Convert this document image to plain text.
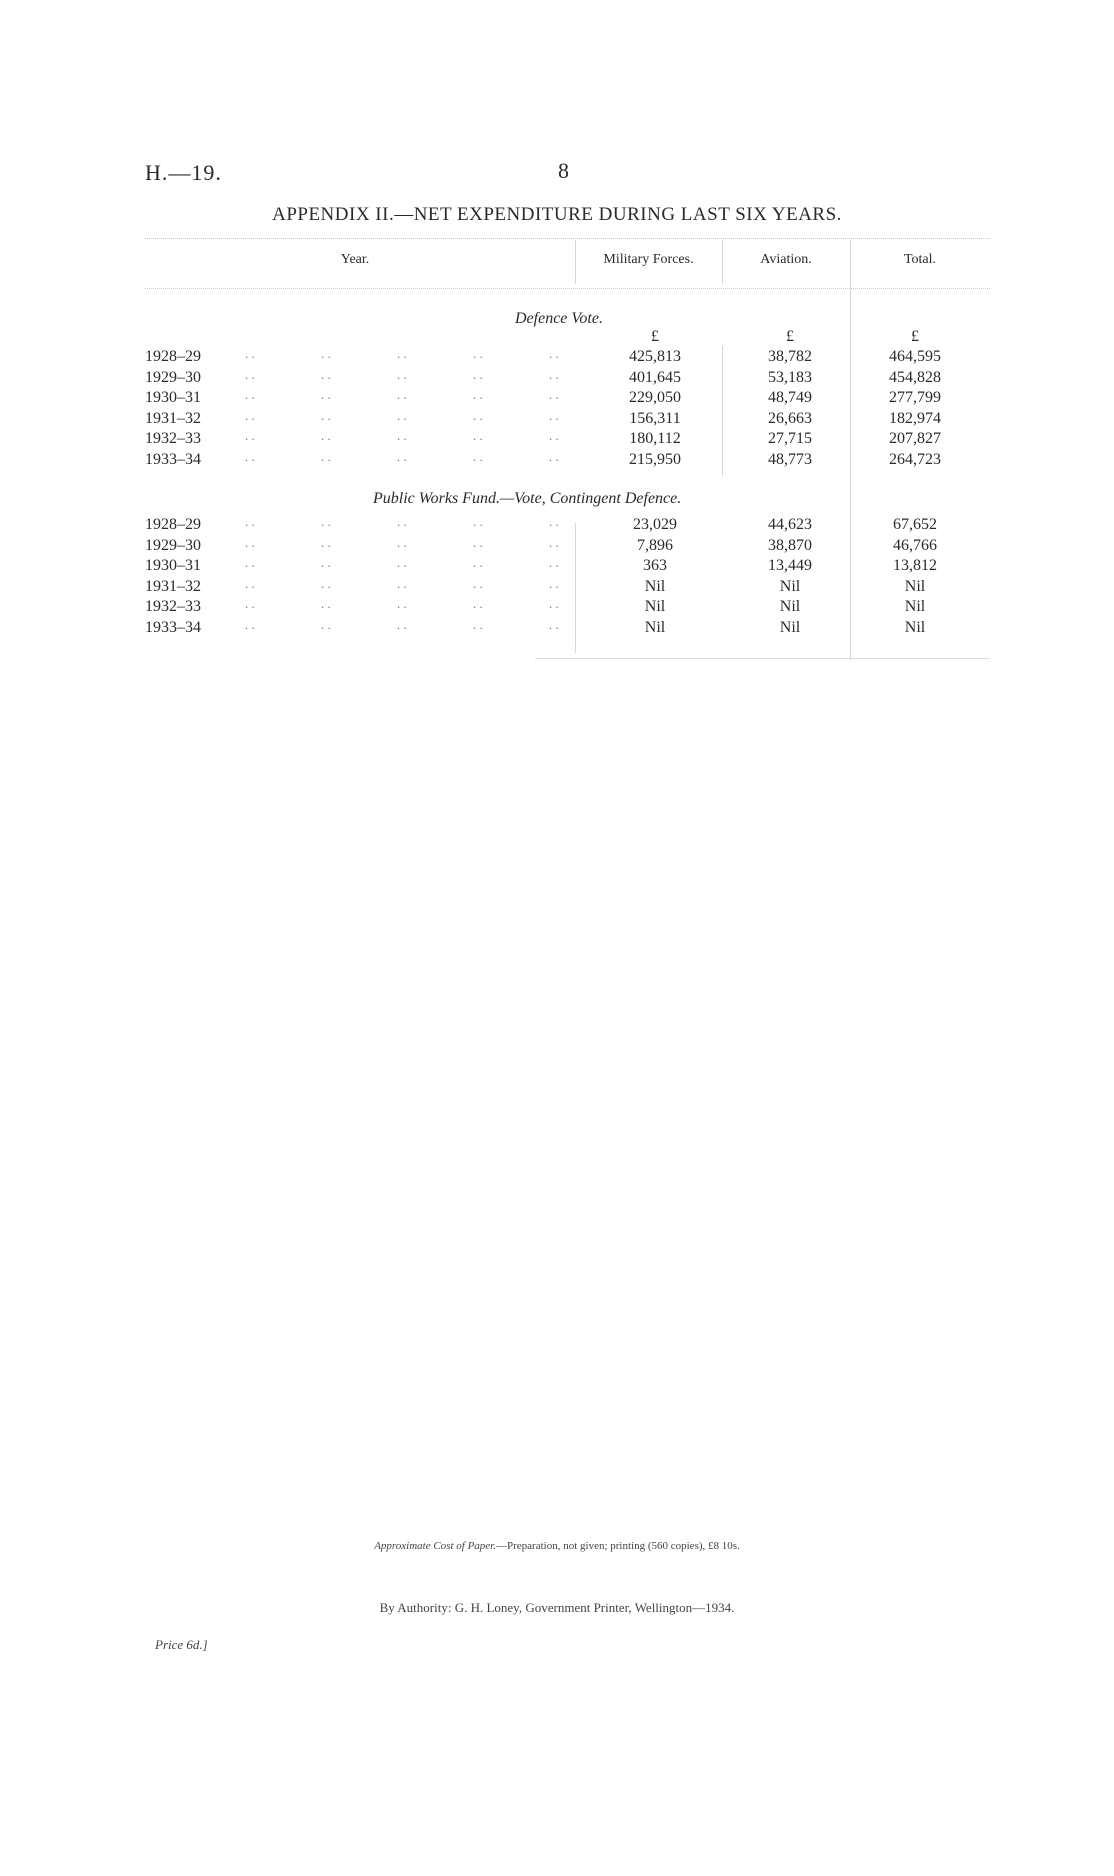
H.—19.	8
APPENDIX II.—NET EXPENDITURE DURING LAST SIX YEARS.
Year.	Military Forces.	Aviation.	Total.
Defence Vote.
£	£	£
1928–29	. .	. .	. .	. .	. .	425,813	38,782	464,595
1929–30	. .	. .	. .	. .	. .	401,645	53,183	454,828
1930–31	. .	. .	. .	. .	. .	229,050	48,749	277,799
1931–32	. .	. .	. .	. .	. .	156,311	26,663	182,974
1932–33	. .	. .	. .	. .	. .	180,112	27,715	207,827
1933–34	. .	. .	. .	. .	. .	215,950	48,773	264,723
Public Works Fund.—Vote, Contingent Defence.
1928–29	. .	. .	. .	. .	. .	23,029	44,623	67,652
1929–30	. .	. .	. .	. .	. .	7,896	38,870	46,766
1930–31	. .	. .	. .	. .	. .	363	13,449	13,812
1931–32	. .	. .	. .	. .	. .	Nil	Nil	Nil
1932–33	. .	. .	. .	. .	. .	Nil	Nil	Nil
1933–34	. .	. .	. .	. .	. .	Nil	Nil	Nil
Approximate Cost of Paper.—Preparation, not given; printing (560 copies), £8 10s.
By Authority: G. H. Loney, Government Printer, Wellington—1934.
Price 6d.]
